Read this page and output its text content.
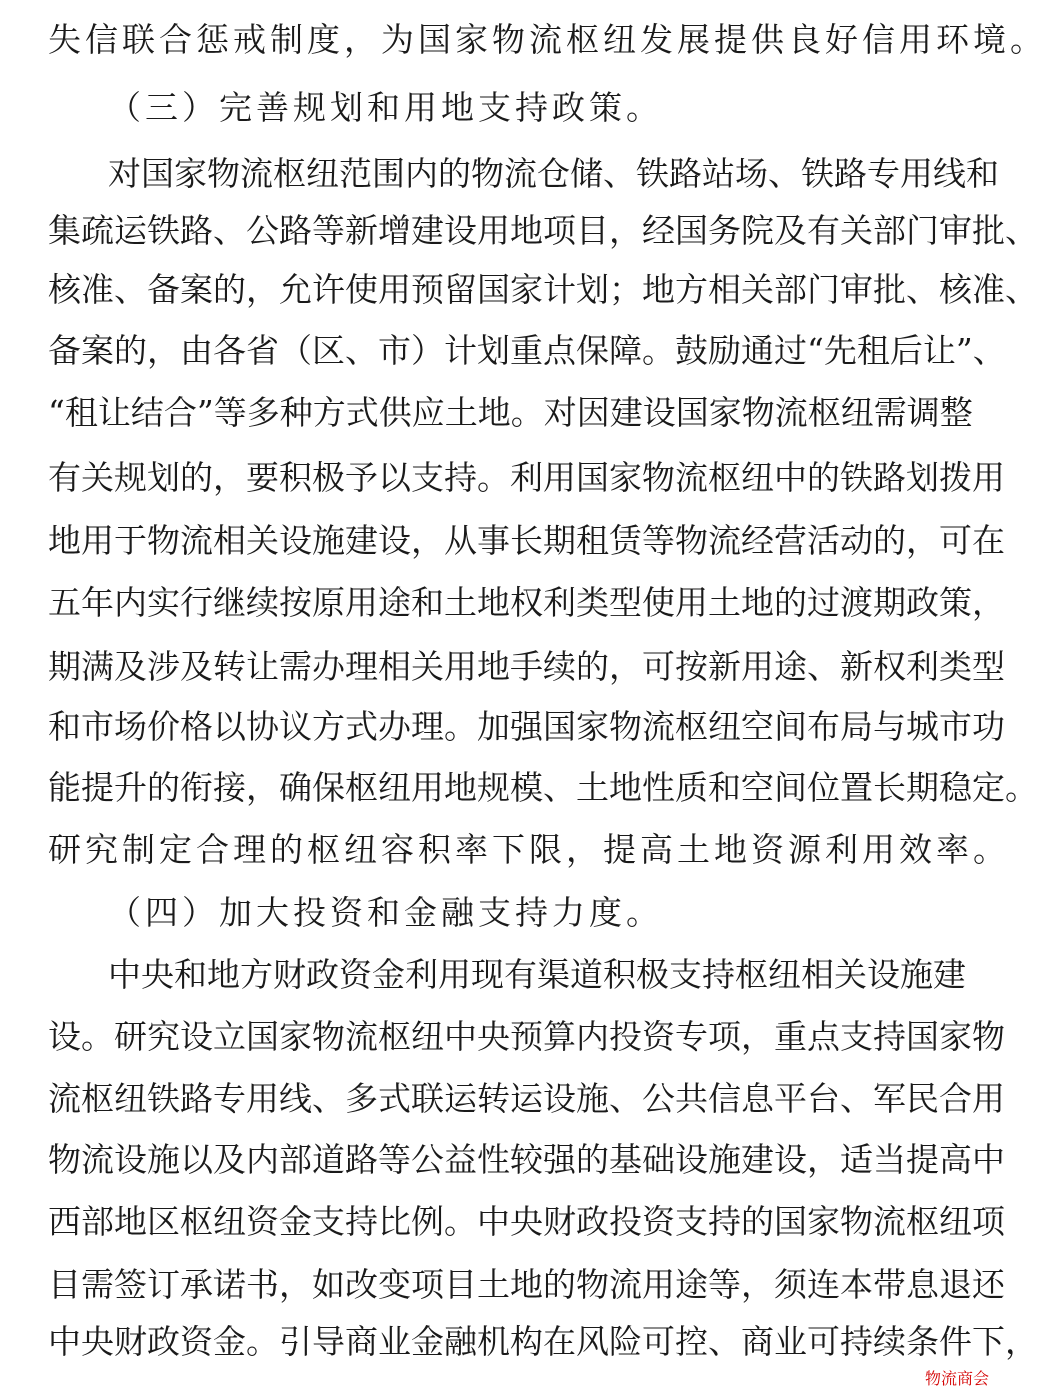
失信联合惩戒制度，为国家物流枢纽发展提供良好信用环境。
（三）完善规划和用地支持政策。
对 国 家 物 流 枢 纽 范 围 内 的 物 流 仓 储 、 铁 路 站 场 、 铁 路 专 用 线 和
集 疏 运 铁 路 、 公 路 等 新 增 建 设 用 地 项 目 ， 经 国 务 院 及 有 关 部 门 审 批 、
核 准 、 备 案 的 ， 允 许 使 用 预 留 国 家 计 划 ； 地 方 相 关 部 门 审 批 、 核 准 、
备 案 的 ， 由 各 省 （ 区 、 市 ） 计 划 重 点 保 障 。 鼓 励 通 过 “ 先 租 后 让 ” 、
“ 租 让 结 合 ” 等 多 种 方 式 供 应 土 地 。 对 因 建 设 国 家 物 流 枢 纽 需 调 整
有 关 规 划 的 ， 要 积 极 予 以 支 持 。 利 用 国 家 物 流 枢 纽 中 的 铁 路 划 拨 用
地 用 于 物 流 相 关 设 施 建 设 ， 从 事 长 期 租 赁 等 物 流 经 营 活 动 的 ， 可 在
五 年 内 实 行 继 续 按 原 用 途 和 土 地 权 利 类 型 使 用 土 地 的 过 渡 期 政 策 ，
期 满 及 涉 及 转 让 需 办 理 相 关 用 地 手 续 的 ， 可 按 新 用 途 、 新 权 利 类 型
和 市 场 价 格 以 协 议 方 式 办 理 。 加 强 国 家 物 流 枢 纽 空 间 布 局 与 城 市 功
能 提 升 的 衔 接 ， 确 保 枢 纽 用 地 规 模 、 土 地 性 质 和 空 间 位 置 长 期 稳 定 。
研究制定合理的枢纽容积率下限，提高土地资源利用效率。
（四）加大投资和金融支持力度。
中 央 和 地 方 财 政 资 金 利 用 现 有 渠 道 积 极 支 持 枢 纽 相 关 设 施 建
设 。 研 究 设 立 国 家 物 流 枢 纽 中 央 预 算 内 投 资 专 项 ， 重 点 支 持 国 家 物
流 枢 纽 铁 路 专 用 线 、 多 式 联 运 转 运 设 施 、 公 共 信 息 平 台 、 军 民 合 用
物 流 设 施 以 及 内 部 道 路 等 公 益 性 较 强 的 基 础 设 施 建 设 ， 适 当 提 高 中
西 部 地 区 枢 纽 资 金 支 持 比 例 。 中 央 财 政 投 资 支 持 的 国 家 物 流 枢 纽 项
目 需 签 订 承 诺 书 ， 如 改 变 项 目 土 地 的 物 流 用 途 等 ， 须 连 本 带 息 退 还
中 央 财 政 资 金 。 引 导 商 业 金 融 机 构 在 风 险 可 控 、 商 业 可 持 续 条 件 下 ，
物流商会
